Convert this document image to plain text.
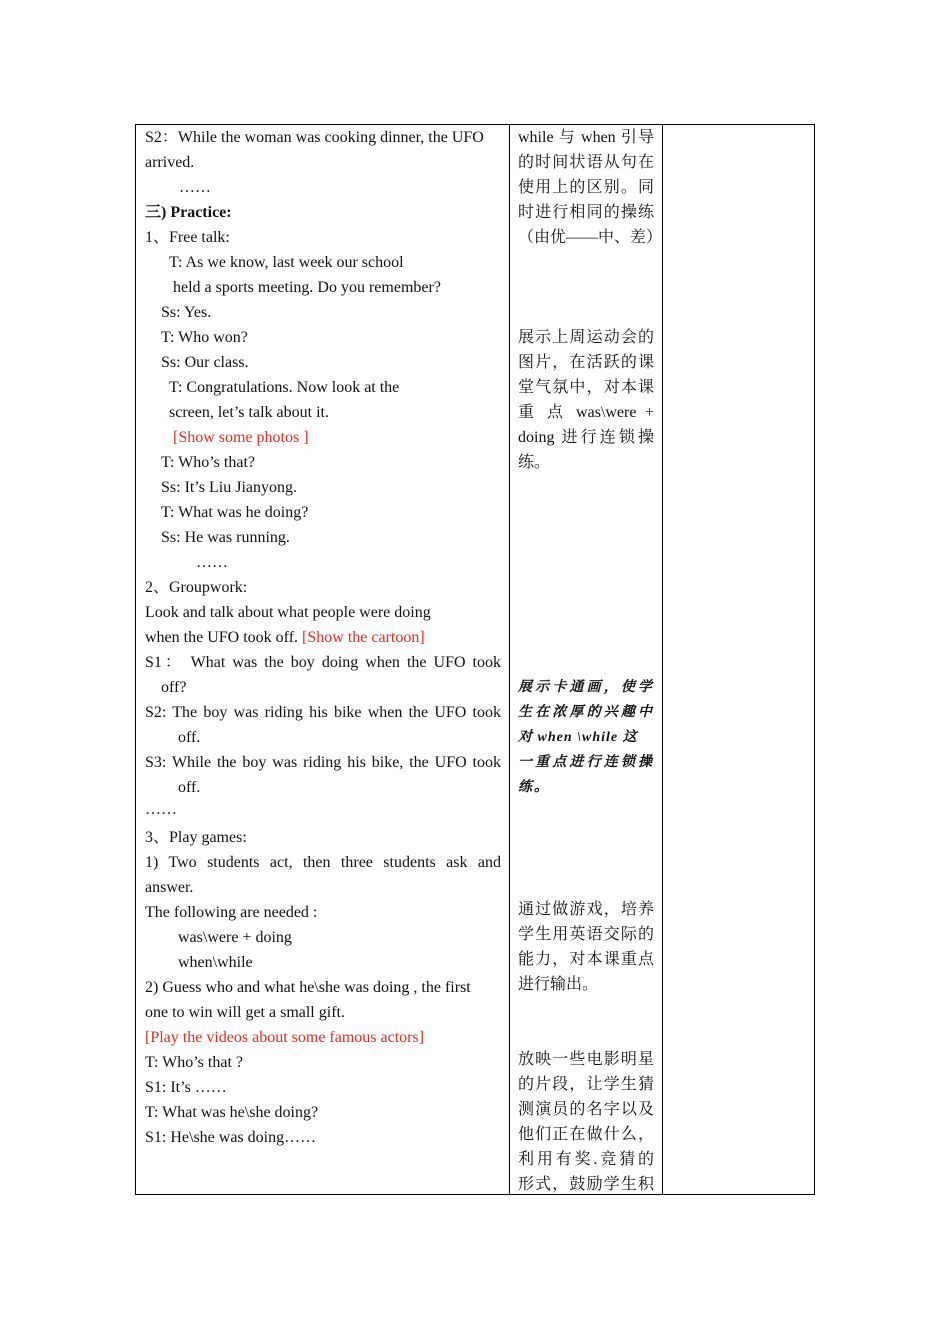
S2：While the woman was cooking dinner, the UFO
arrived.
……
三) Practice:
1、Free talk:
T: As we know, last week our school
held a sports meeting. Do you remember?
Ss: Yes.
T: Who won?
Ss: Our class.
T: Congratulations. Now look at the
screen, let’s talk about it.
[Show some photos ]
T: Who’s that?
Ss: It’s Liu Jianyong.
T: What was he doing?
Ss: He was running.
……
2、Groupwork:
Look and talk about what people were doing
when the UFO took off. [Show the cartoon]
S1： What was the boy doing when the UFO took
off?
S2: The boy was riding his bike when the UFO took
off.
S3: While the boy was riding his bike, the UFO took
off.
……
3、Play games:
1) Two students act, then three students ask and
answer.
The following are needed :
was\were + doing
when\while
2) Guess who and what he\she was doing , the first
one to win will get a small gift.
[Play the videos about some famous actors]
T: Who’s that ?
S1: It’s ……
T: What was he\she doing?
S1: He\she was doing……
while 与 when 引导
的时间状语从句在
使用上的区别。同
时进行相同的操练
（由优——中、差）
展示上周运动会的
图片，在活跃的课
堂气氛中，对本课
重 点 was\were +
doing 进行连锁操
练。
展示卡通画，使学
生在浓厚的兴趣中
对 when \while 这
一重点进行连锁操
练。
通过做游戏，培养
学生用英语交际的
能力，对本课重点
进行输出。
放映一些电影明星
的片段，让学生猜
测演员的名字以及
他们正在做什么，
利用有奖.竞猜的
形式，鼓励学生积
